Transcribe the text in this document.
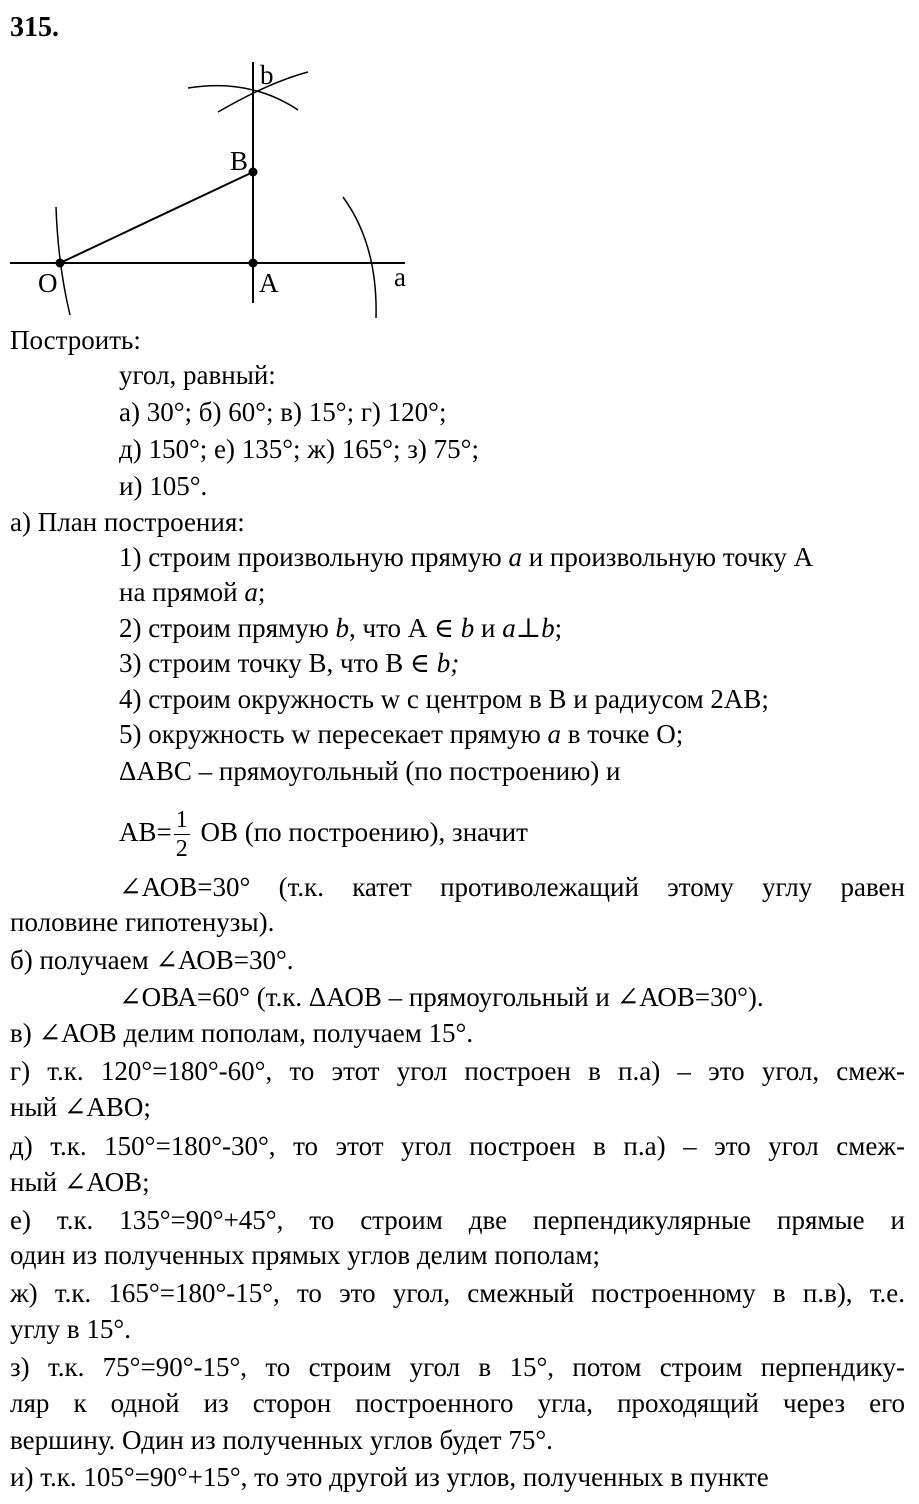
315.
b
B
O	A	a
Построить:
угол, равный:
а) 30°; б) 60°; в) 15°; г) 120°;
д) 150°; е) 135°; ж) 165°; з) 75°;
и) 105°.
а) План построения:
1) строим произвольную прямую a и произвольную точку А
на прямой a;
2) строим прямую b, что А ∈ b и a⊥b;
3) строим точку В, что В ∈ b;
4) строим окружность w с центром в В и радиусом 2АВ;
5) окружность w пересекает прямую a в точке О;
ΔАВС – прямоугольный (по построению) и
$АВ= \frac{1}{2}$ ОВ (по построению), значит
∠АОВ=30° (т.к. катет противолежащий этому углу равен
половине гипотенузы).
б) получаем ∠АОВ=30°.
∠ОВА=60° (т.к. ΔАОВ – прямоугольный и ∠АОВ=30°).
в) ∠АОВ делим пополам, получаем 15°.
г) т.к. 120°=180°-60°, то этот угол построен в п.а) – это угол, смеж-
ный ∠АВО;
д) т.к. 150°=180°-30°, то этот угол построен в п.а) – это угол смеж-
ный ∠АОВ;
е) т.к. 135°=90°+45°, то строим две перпендикулярные прямые и
один из полученных прямых углов делим пополам;
ж) т.к. 165°=180°-15°, то это угол, смежный построенному в п.в), т.е.
углу в 15°.
з) т.к. 75°=90°-15°, то строим угол в 15°, потом строим перпендику-
ляр к одной из сторон построенного угла, проходящий через его
вершину. Один из полученных углов будет 75°.
и) т.к. 105°=90°+15°, то это другой из углов, полученных в пункте
